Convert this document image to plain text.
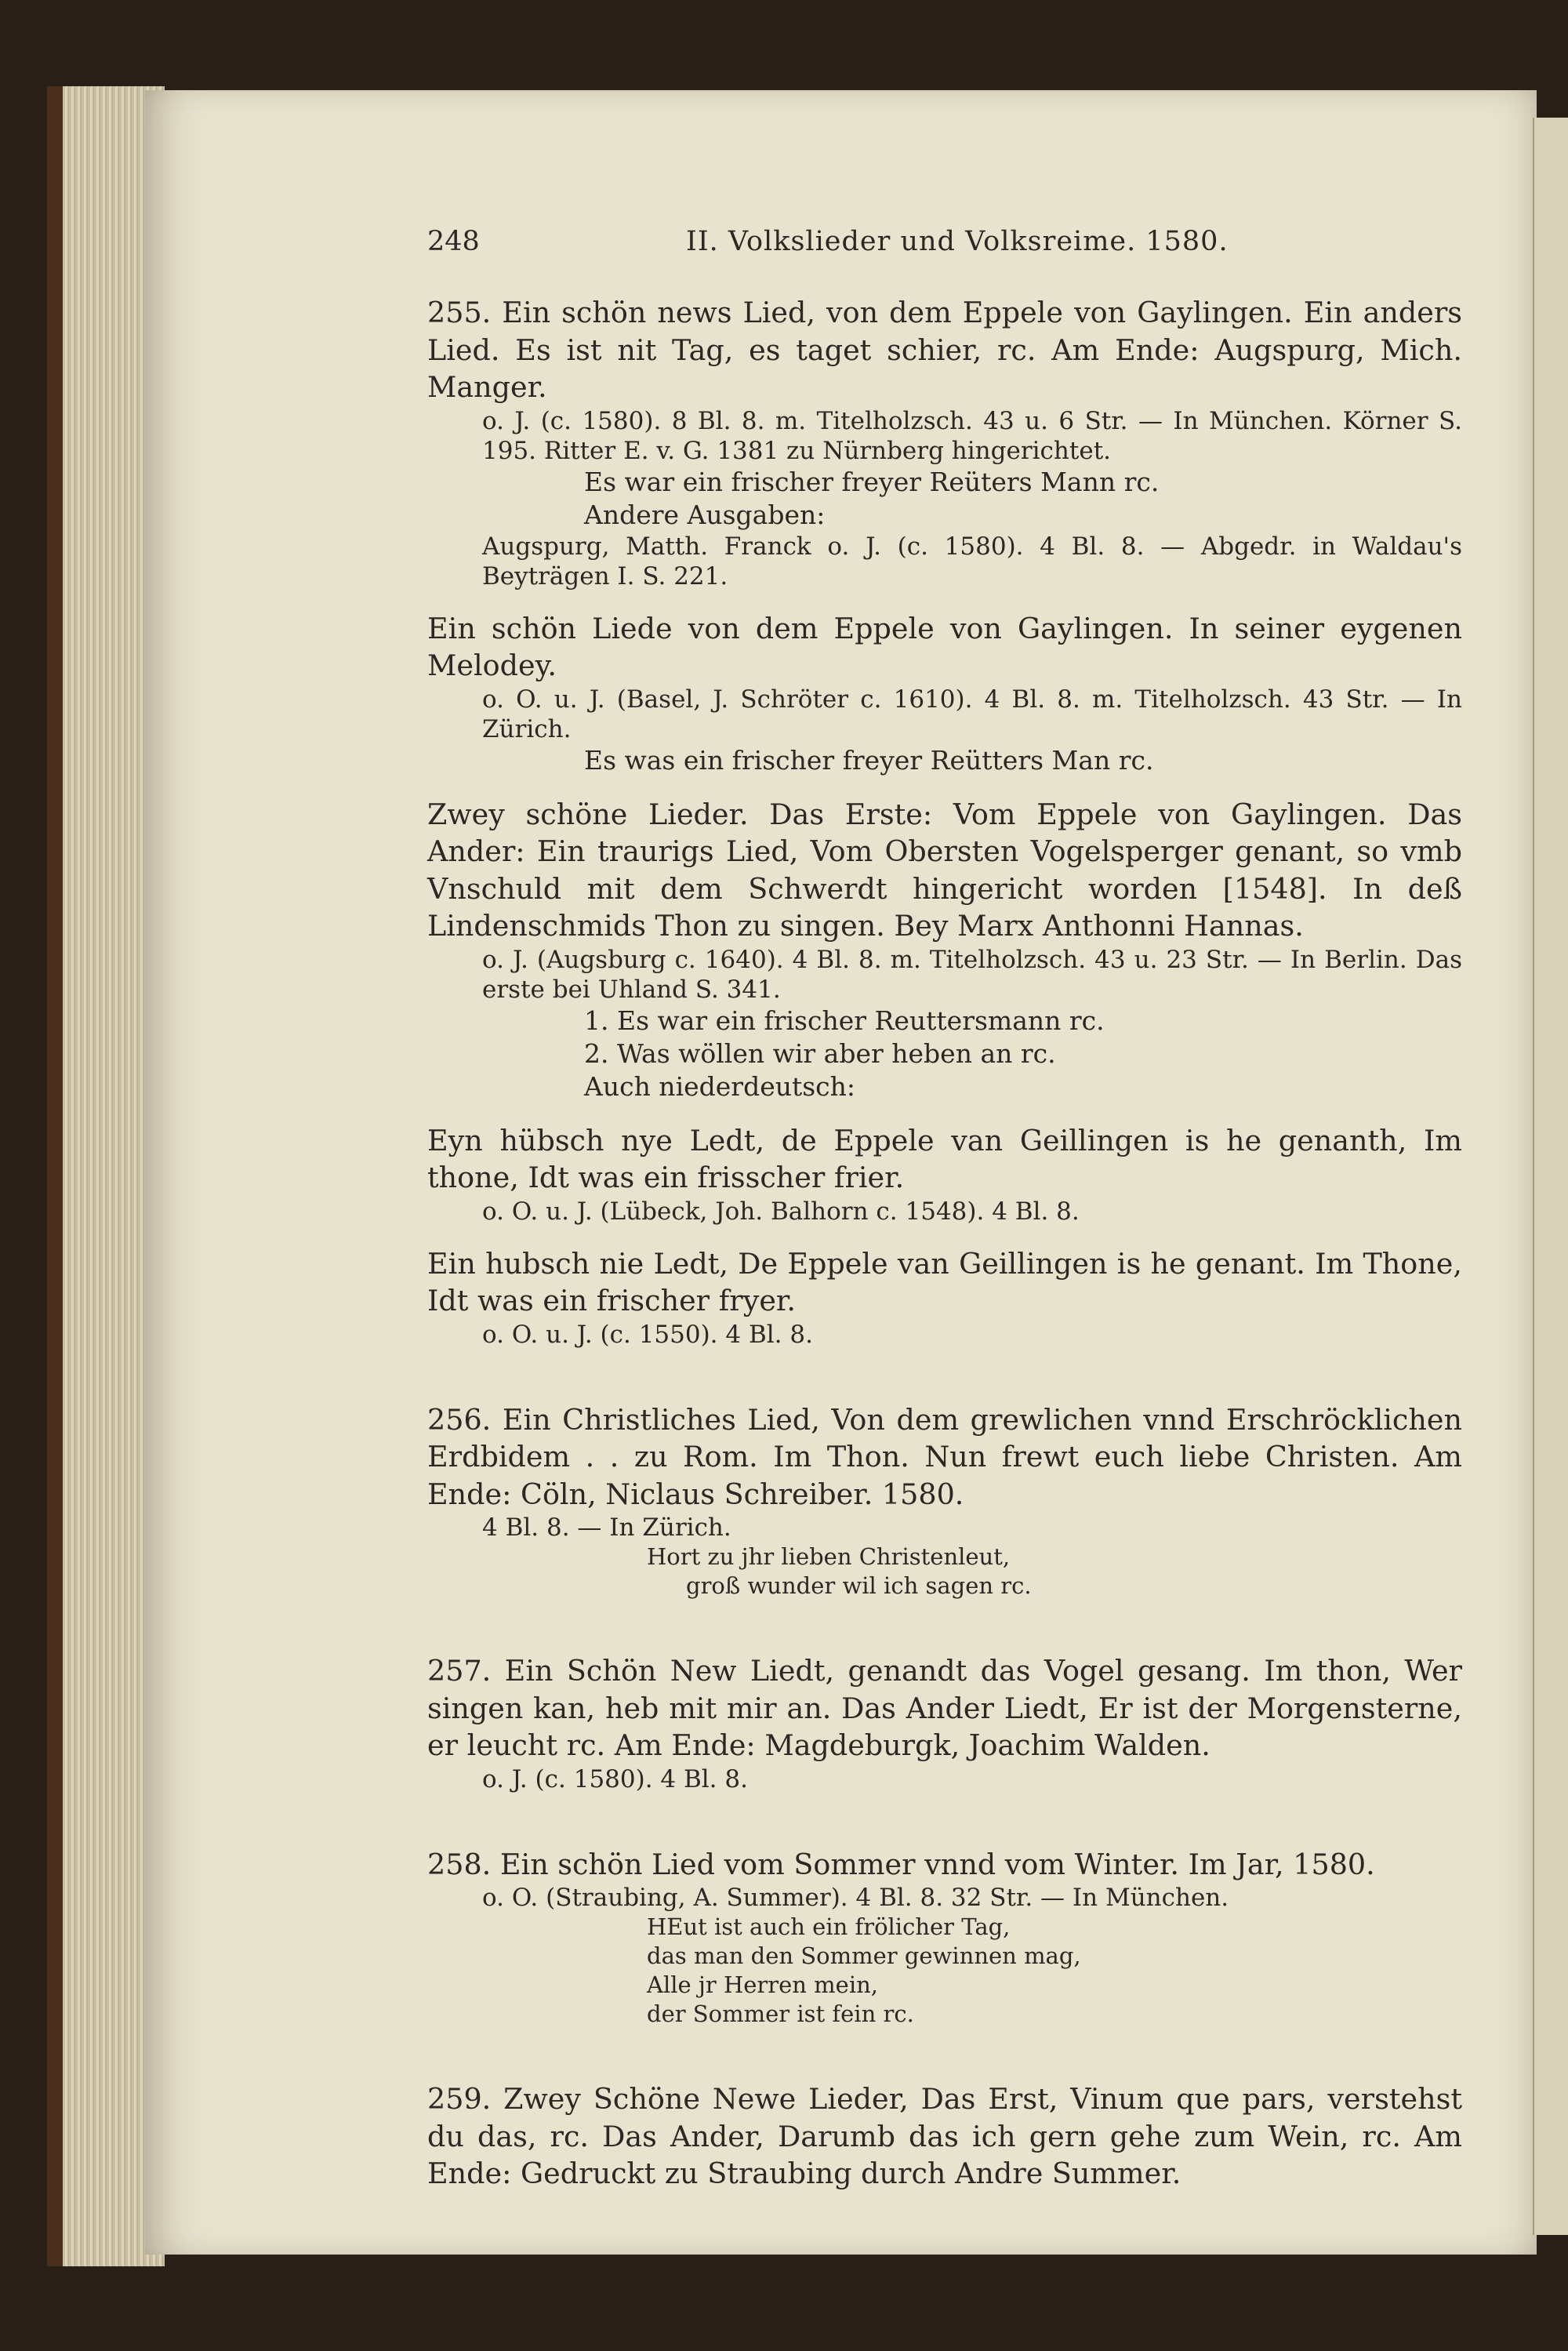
248	II. Volkslieder und Volksreime. 1580.

255. Ein schön news Lied, von dem Eppele von Gaylingen. Ein anders Lied. Es ist nit Tag, es taget schier, rc. Am Ende: Augspurg, Mich. Manger.

o. J. (c. 1580). 8 Bl. 8. m. Titelholzsch. 43 u. 6 Str. — In München. Körner S. 195. Ritter E. v. G. 1381 zu Nürnberg hingerichtet.

Es war ein frischer freyer Reüters Mann rc.

Andere Ausgaben:

Augspurg, Matth. Franck o. J. (c. 1580). 4 Bl. 8. — Abgedr. in Waldau's Beyträgen I. S. 221.

Ein schön Liede von dem Eppele von Gaylingen. In seiner eygenen Melodey.

o. O. u. J. (Basel, J. Schröter c. 1610). 4 Bl. 8. m. Titelholzsch. 43 Str. — In Zürich.

Es was ein frischer freyer Reütters Man rc.

Zwey schöne Lieder. Das Erste: Vom Eppele von Gaylingen. Das Ander: Ein traurigs Lied, Vom Obersten Vogelsperger genant, so vmb Vnschuld mit dem Schwerdt hingericht worden [1548]. In deß Lindenschmids Thon zu singen. Bey Marx Anthonni Hannas.

o. J. (Augsburg c. 1640). 4 Bl. 8. m. Titelholzsch. 43 u. 23 Str. — In Berlin. Das erste bei Uhland S. 341.

1. Es war ein frischer Reuttersmann rc.

2. Was wöllen wir aber heben an rc.

Auch niederdeutsch:

Eyn hübsch nye Ledt, de Eppele van Geillingen is he genanth, Im thone, Idt was ein frisscher frier.

o. O. u. J. (Lübeck, Joh. Balhorn c. 1548). 4 Bl. 8.

Ein hubsch nie Ledt, De Eppele van Geillingen is he genant. Im Thone, Idt was ein frischer fryer.

o. O. u. J. (c. 1550). 4 Bl. 8.

256. Ein Christliches Lied, Von dem grewlichen vnnd Erschröcklichen Erdbidem . . zu Rom. Im Thon. Nun frewt euch liebe Christen. Am Ende: Cöln, Niclaus Schreiber. 1580.

4 Bl. 8. — In Zürich.

Hort zu jhr lieben Christenleut,

groß wunder wil ich sagen rc.

257. Ein Schön New Liedt, genandt das Vogel gesang. Im thon, Wer singen kan, heb mit mir an. Das Ander Liedt, Er ist der Morgensterne, er leucht rc. Am Ende: Magdeburgk, Joachim Walden.

o. J. (c. 1580). 4 Bl. 8.

258. Ein schön Lied vom Sommer vnnd vom Winter. Im Jar, 1580.

o. O. (Straubing, A. Summer). 4 Bl. 8. 32 Str. — In München.

HEut ist auch ein frölicher Tag,

das man den Sommer gewinnen mag,

Alle jr Herren mein,

der Sommer ist fein rc.

259. Zwey Schöne Newe Lieder, Das Erst, Vinum que pars, verstehst du das, rc. Das Ander, Darumb das ich gern gehe zum Wein, rc. Am Ende: Gedruckt zu Straubing durch Andre Summer.
